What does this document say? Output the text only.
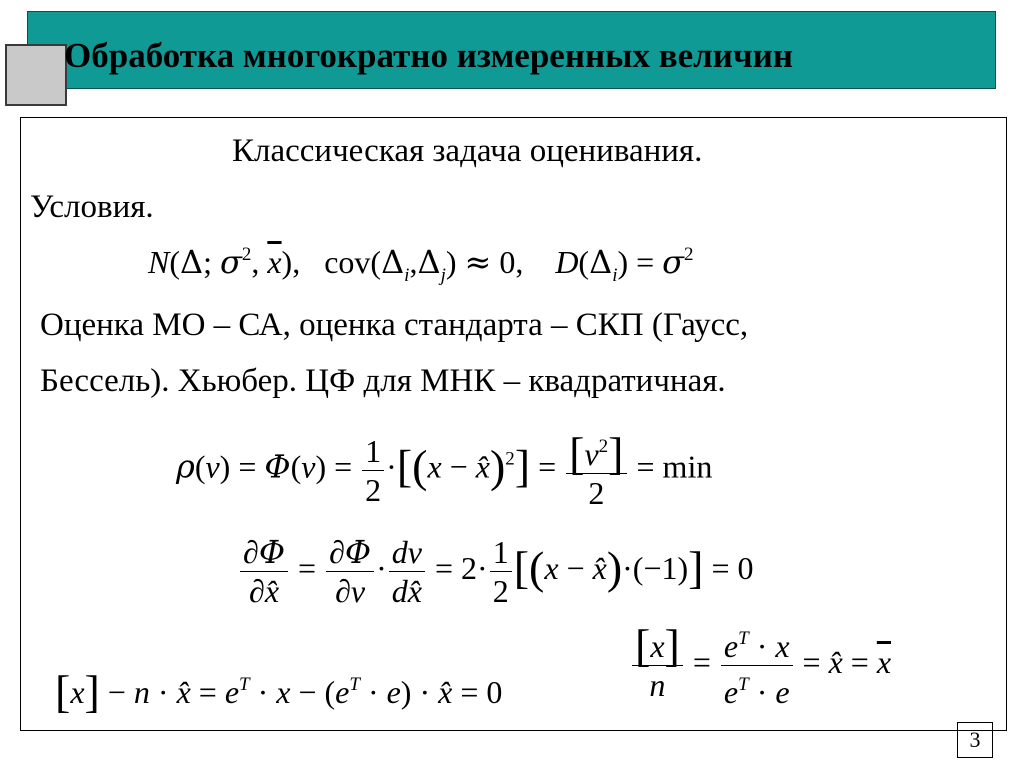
Обработка многократно измеренных величин
Классическая задача оценивания.
Условия.
N(Δ; $\sigma^2$, $\overline{x}$),   $cov(\Delta_i,\Delta_j) \approx 0$,    $D(\Delta_i) = \sigma^2$
Оценка МО – СА, оценка стандарта – СКП (Гаусс,
Бессель). Хьюбер. ЦФ для МНК – квадратичная.
$\rho(v) = \Phi(v) = \frac{1}{2} \cdot[(x$ − x̂)$^2$] = $\frac{[v^2]}{2} = \min$
$\frac{\partial\Phi}{\partial x̂} = \frac{\partial\Phi}{\partial v} \cdot \frac{dv}{dx̂} = 2\cdot \frac{1}{2} [(x$ − x̂)·(−1)] = 0
[x] − n · x̂ = $e^T \cdot x - (e^T \cdot e)$ · x̂ = 0	$\frac{[x]}{n} = \frac{e^T \cdot x}{e^T \cdot e}$ = x̂ = $\overline{x}$
3
